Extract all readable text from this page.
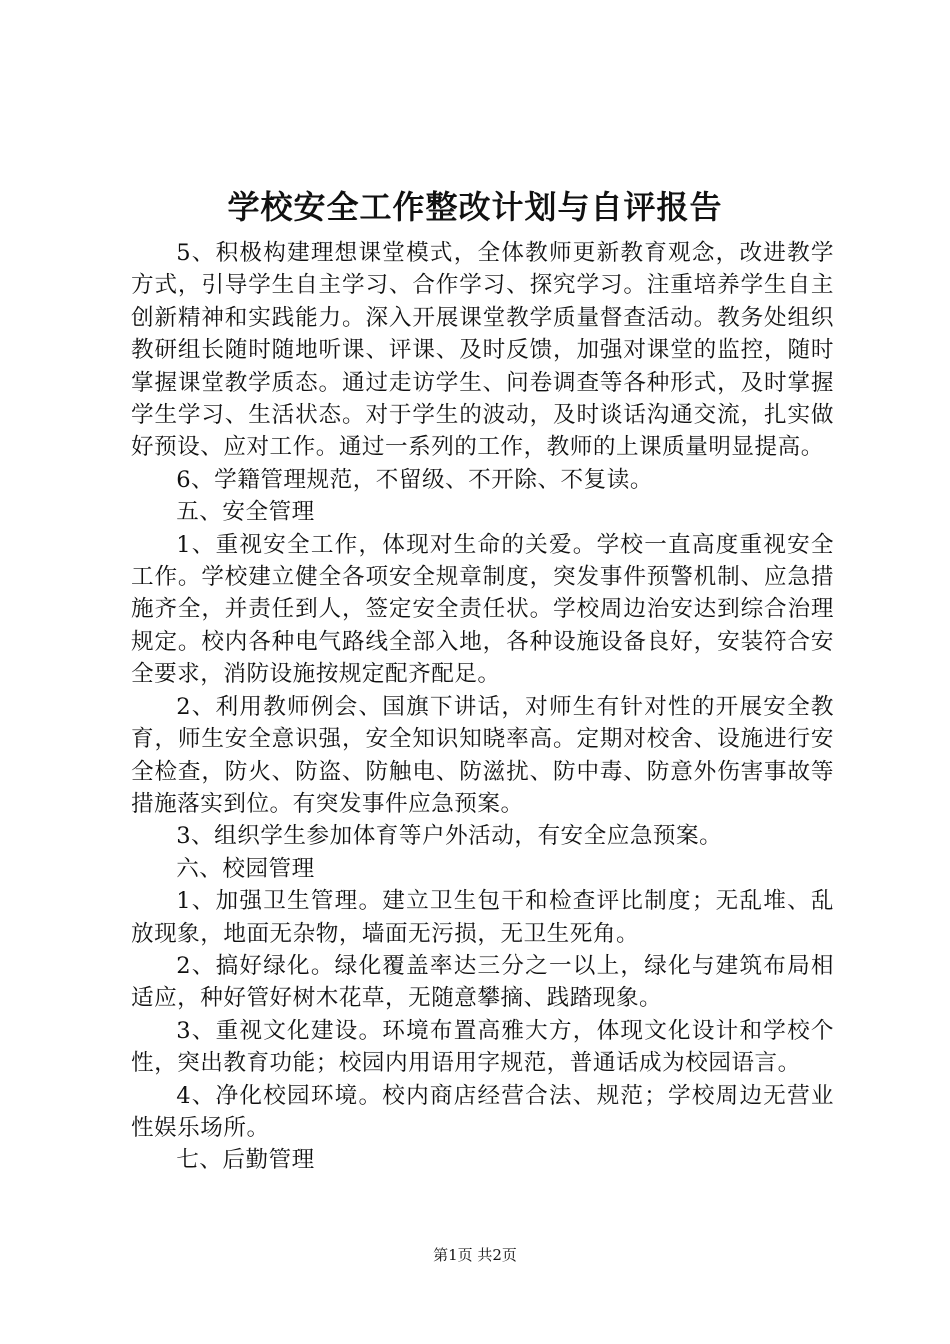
学校安全工作整改计划与自评报告

5、积极构建理想课堂模式，全体教师更新教育观念，改进教学方式，引导学生自主学习、合作学习、探究学习。注重培养学生自主创新精神和实践能力。深入开展课堂教学质量督查活动。教务处组织教研组长随时随地听课、评课、及时反馈，加强对课堂的监控，随时掌握课堂教学质态。通过走访学生、问卷调查等各种形式，及时掌握学生学习、生活状态。对于学生的波动，及时谈话沟通交流，扎实做好预设、应对工作。通过一系列的工作，教师的上课质量明显提高。

6、学籍管理规范，不留级、不开除、不复读。

五、安全管理

1、重视安全工作，体现对生命的关爱。学校一直高度重视安全工作。学校建立健全各项安全规章制度，突发事件预警机制、应急措施齐全，并责任到人，签定安全责任状。学校周边治安达到综合治理规定。校内各种电气路线全部入地，各种设施设备良好，安装符合安全要求，消防设施按规定配齐配足。

2、利用教师例会、国旗下讲话，对师生有针对性的开展安全教育，师生安全意识强，安全知识知晓率高。定期对校舍、设施进行安全检查，防火、防盗、防触电、防滋扰、防中毒、防意外伤害事故等措施落实到位。有突发事件应急预案。

3、组织学生参加体育等户外活动，有安全应急预案。

六、校园管理

1、加强卫生管理。建立卫生包干和检查评比制度；无乱堆、乱放现象，地面无杂物，墙面无污损，无卫生死角。

2、搞好绿化。绿化覆盖率达三分之一以上，绿化与建筑布局相适应，种好管好树木花草，无随意攀摘、践踏现象。

3、重视文化建设。环境布置高雅大方，体现文化设计和学校个性，突出教育功能；校园内用语用字规范，普通话成为校园语言。

4、净化校园环境。校内商店经营合法、规范；学校周边无营业性娱乐场所。

七、后勤管理

第1页 共2页
